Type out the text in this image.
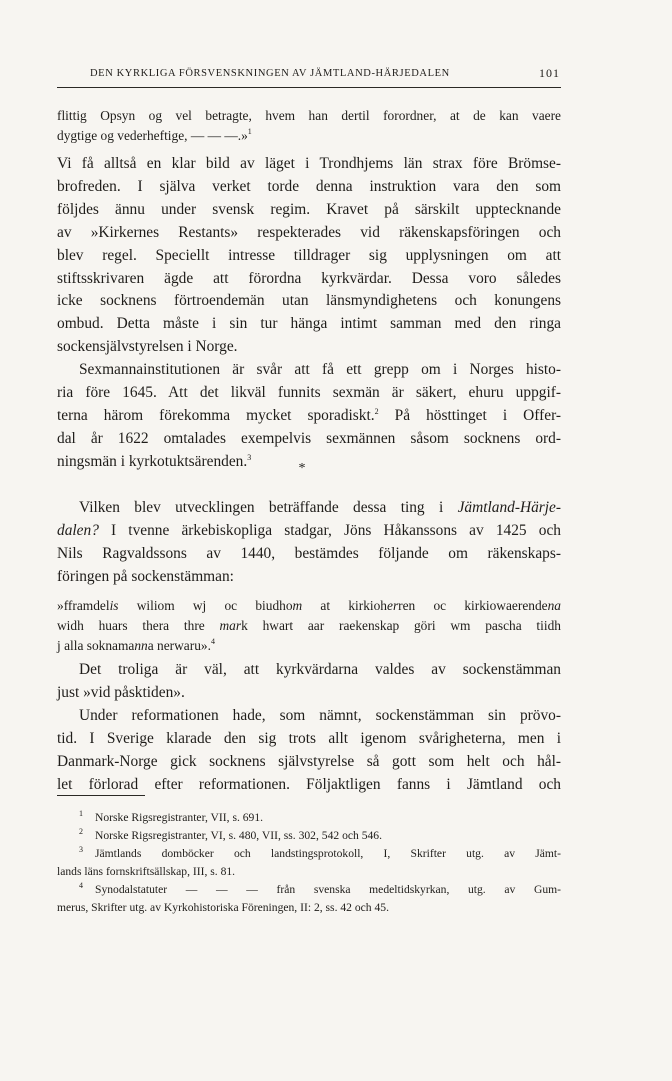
DEN KYRKLIGA FÖRSVENSKNINGEN AV JÄMTLAND-HÄRJEDALEN	101
flittig Opsyn og vel betragte, hvem han dertil forordner, at de kan vaere
dygtige og vederheftige, — — —.»$^1$
Vi få alltså en klar bild av läget i Trondhjems län strax före Brömse-
brofreden. I själva verket torde denna instruktion vara den som
följdes ännu under svensk regim. Kravet på särskilt upptecknande
av »Kirkernes Restants» respekterades vid räkenskapsföringen och
blev regel. Speciellt intresse tilldrager sig upplysningen om att
stiftsskrivaren ägde att förordna kyrkvärdar. Dessa voro således
icke socknens förtroendemän utan länsmyndighetens och konungens
ombud. Detta måste i sin tur hänga intimt samman med den ringa
sockensjälvstyrelsen i Norge.
Sexmannainstitutionen är svår att få ett grepp om i Norges histo-
ria före 1645. Att det likväl funnits sexmän är säkert, ehuru uppgif-
terna härom förekomma mycket sporadiskt.$^2$ På hösttinget i Offer-
dal år 1622 omtalades exempelvis sexmännen såsom socknens ord-
ningsmän i kyrkotuktsärenden.$^3$
*
Vilken blev utvecklingen beträffande dessa ting i Jämtland-Härje-
dalen? I tvenne ärkebiskopliga stadgar, Jöns Håkanssons av 1425 och
Nils Ragvaldssons av 1440, bestämdes följande om räkenskaps-
föringen på sockenstämman:
»fframdelis wiliom wj oc biudhom at kirkioherren oc kirkiowaerendena
widh huars thera thre mark hwart aar raekenskap göri wm pascha tiidh
j alla soknamanna nerwaru».$^4$
Det troliga är väl, att kyrkvärdarna valdes av sockenstämman
just »vid påsktiden».
Under reformationen hade, som nämnt, sockenstämman sin prövo-
tid. I Sverige klarade den sig trots allt igenom svårigheterna, men i
Danmark-Norge gick socknens självstyrelse så gott som helt och hål-
let förlorad efter reformationen. Följaktligen fanns i Jämtland och
1 Norske Rigsregistranter, VII, s. 691.
2 Norske Rigsregistranter, VI, s. 480, VII, ss. 302, 542 och 546.
3 Jämtlands domböcker och landstingsprotokoll, I, Skrifter utg. av Jämt-
lands läns fornskriftsällskap, III, s. 81.
4 Synodalstatuter — — — från svenska medeltidskyrkan, utg. av Gum-
merus, Skrifter utg. av Kyrkohistoriska Föreningen, II: 2, ss. 42 och 45.
